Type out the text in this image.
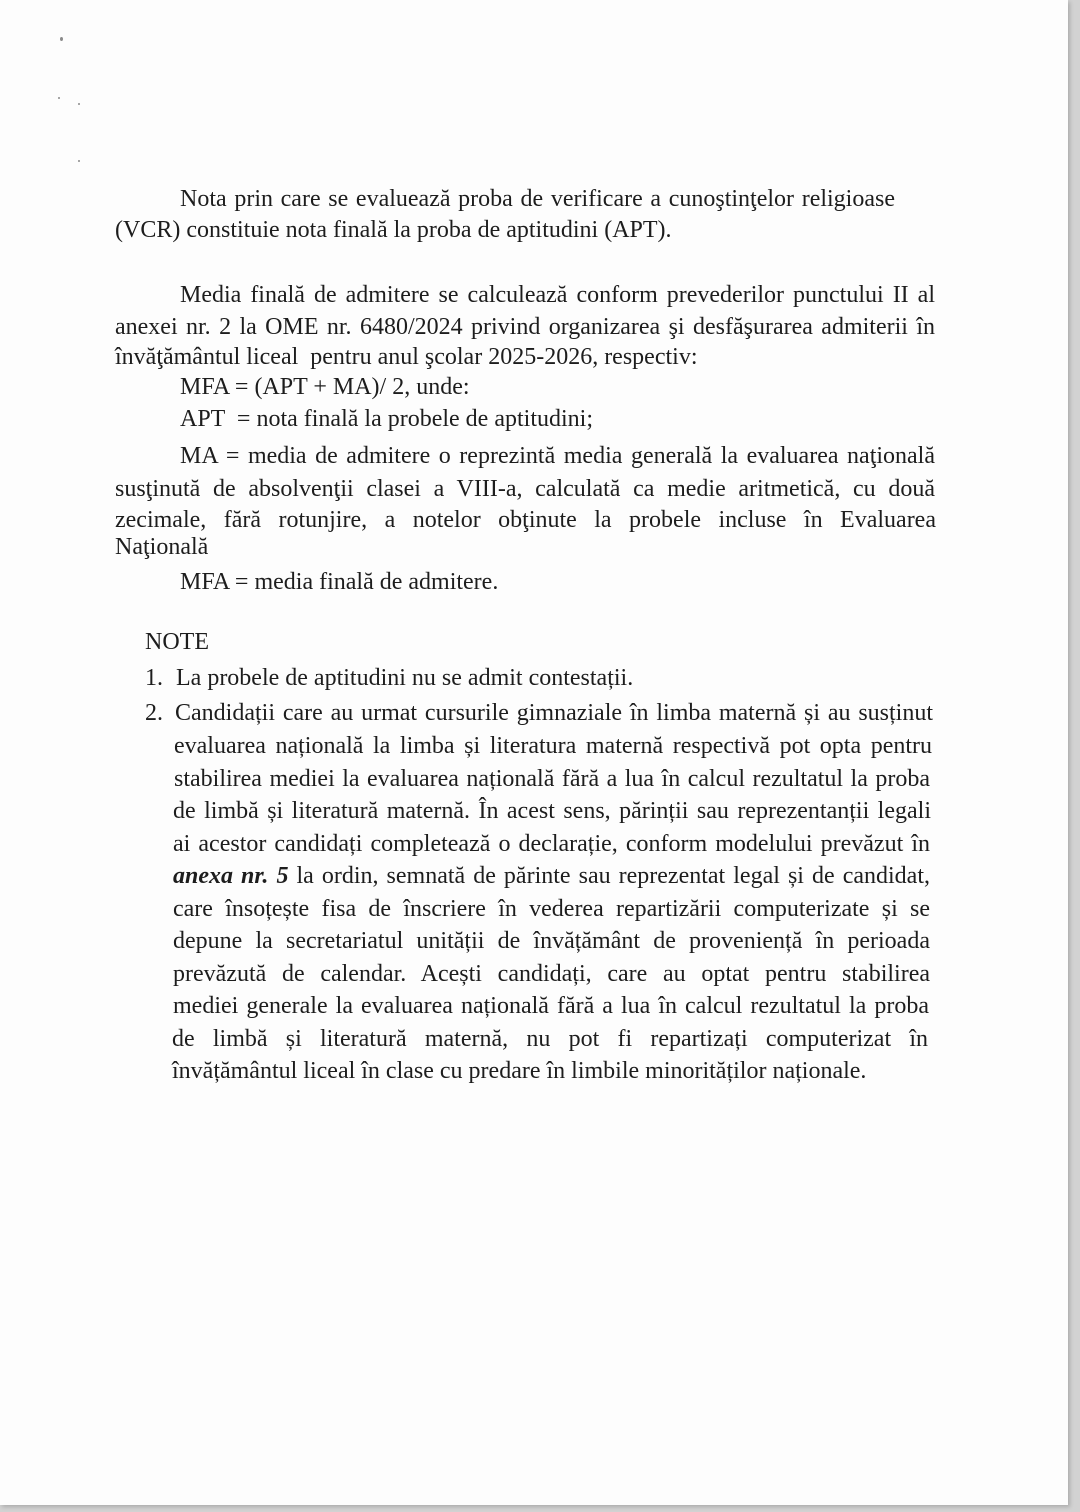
Nota prin care se evaluează proba de verificare a cunoştinţelor religioase
(VCR) constituie nota finală la proba de aptitudini (APT).
Media finală de admitere se calculează conform prevederilor punctului II al
anexei nr. 2 la OME nr. 6480/2024 privind organizarea şi desfăşurarea admiterii în
învăţământul liceal  pentru anul şcolar 2025-2026, respectiv:
MFA = (APT + MA)/ 2, unde:
APT  = nota finală la probele de aptitudini;
MA = media de admitere o reprezintă media generală la evaluarea naţională
susţinută de absolvenţii clasei a VIII-a, calculată ca medie aritmetică, cu două
zecimale, fără rotunjire, a notelor obţinute la probele incluse în Evaluarea
Naţională
MFA = media finală de admitere.
NOTE
1. La probele de aptitudini nu se admit contestații.
2. Candidații care au urmat cursurile gimnaziale în limba maternă și au susținut
evaluarea națională la limba și literatura maternă respectivă pot opta pentru
stabilirea mediei la evaluarea națională fără a lua în calcul rezultatul la proba
de limbă și literatură maternă. În acest sens, părinții sau reprezentanții legali
ai acestor candidați completează o declarație, conform modelului prevăzut în
anexa nr. 5 la ordin, semnată de părinte sau reprezentat legal și de candidat,
care însoțește fisa de înscriere în vederea repartizării computerizate și se
depune la secretariatul unității de învățământ de proveniență în perioada
prevăzută de calendar. Acești candidați, care au optat pentru stabilirea
mediei generale la evaluarea națională fără a lua în calcul rezultatul la proba
de limbă și literatură maternă, nu pot fi repartizați computerizat în
învățământul liceal în clase cu predare în limbile minorităților naționale.
